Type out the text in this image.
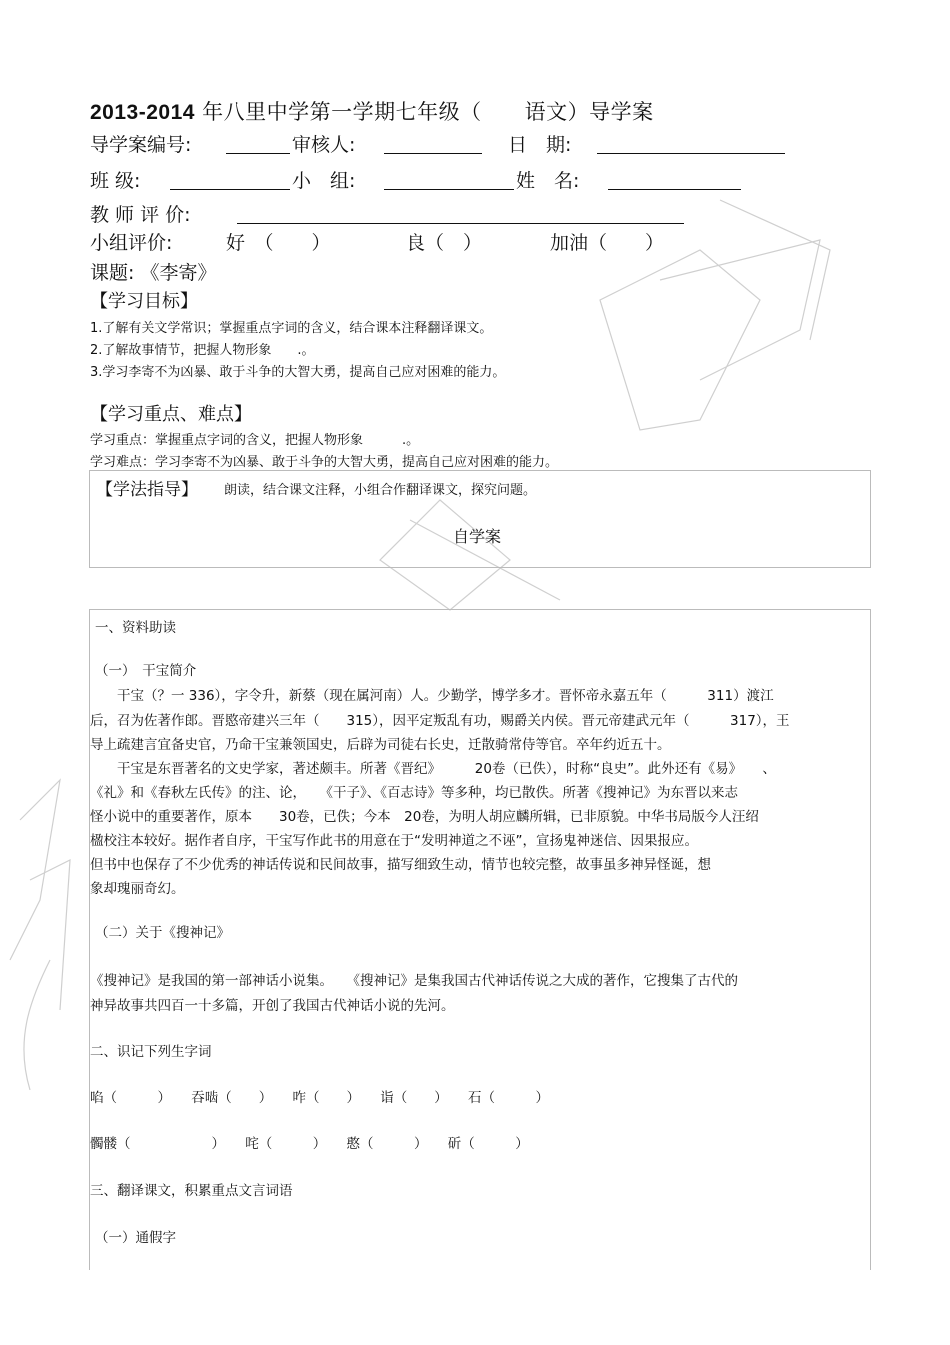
2013-2014 年八里中学第一学期七年级（　　语文）导学案
导学案编号:	审核人:	日　期:
班 级:	小　组:	姓　名:
教 师 评 价:
小组评价:	好　（　　）	良（　）	加油（　　）
课题: 《李寄》
【学习目标】
1.了解有关文学常识；掌握重点字词的含义，结合课本注释翻译课文。
2.了解故事情节，把握人物形象　　.。
3.学习李寄不为凶暴、敢于斗争的大智大勇，提高自己应对困难的能力。
【学习重点、难点】
学习重点：掌握重点字词的含义，把握人物形象　　　.。
学习难点：学习李寄不为凶暴、敢于斗争的大智大勇，提高自己应对困难的能力。
【学法指导】 朗读，结合课文注释，小组合作翻译课文，探究问题。
自学案
一、资料助读
（一）　干宝简介
　　干宝（？一 336），字令升，新蔡（现在属河南）人。少勤学，博学多才。晋怀帝永嘉五年（　　　311）渡江
后，召为佐著作郎。晋愍帝建兴三年（　　315），因平定叛乱有功，赐爵关内侯。晋元帝建武元年（　　　317），王
导上疏建言宜备史官，乃命干宝兼领国史，后辟为司徒右长史，迁散骑常侍等官。卒年约近五十。
　　干宝是东晋著名的文史学家，著述颇丰。所著《晋纪》　　　20卷（已佚），时称“良史”。此外还有《易》　　、
《礼》和《春秋左氏传》的注、论，　　《干子》、《百志诗》等多种，均已散佚。所著《搜神记》为东晋以来志
怪小说中的重要著作，原本　　30卷，已佚；今本　20卷，为明人胡应麟所辑，已非原貌。中华书局版今人汪绍
楹校注本较好。据作者自序，干宝写作此书的用意在于“发明神道之不诬”，宣扬鬼神迷信、因果报应。
但书中也保存了不少优秀的神话传说和民间故事，描写细致生动，情节也较完整，故事虽多神异怪诞，想
象却瑰丽奇幻。
（二）关于《搜神记》
《搜神记》是我国的第一部神话小说集。　　《搜神记》是集我国古代神话传说之大成的著作，它搜集了古代的
神异故事共四百一十多篇，开创了我国古代神话小说的先河。
二、识记下列生字词
啗（　　　）　　吞啮（　　）　　咋（　　）　　诣（　　）　　石（　　　）
髑髅（　　　　　　）　　咤（　　　）　　憨（　　　）　　斫（　　　）
三、翻译课文，积累重点文言词语
（一）通假字
